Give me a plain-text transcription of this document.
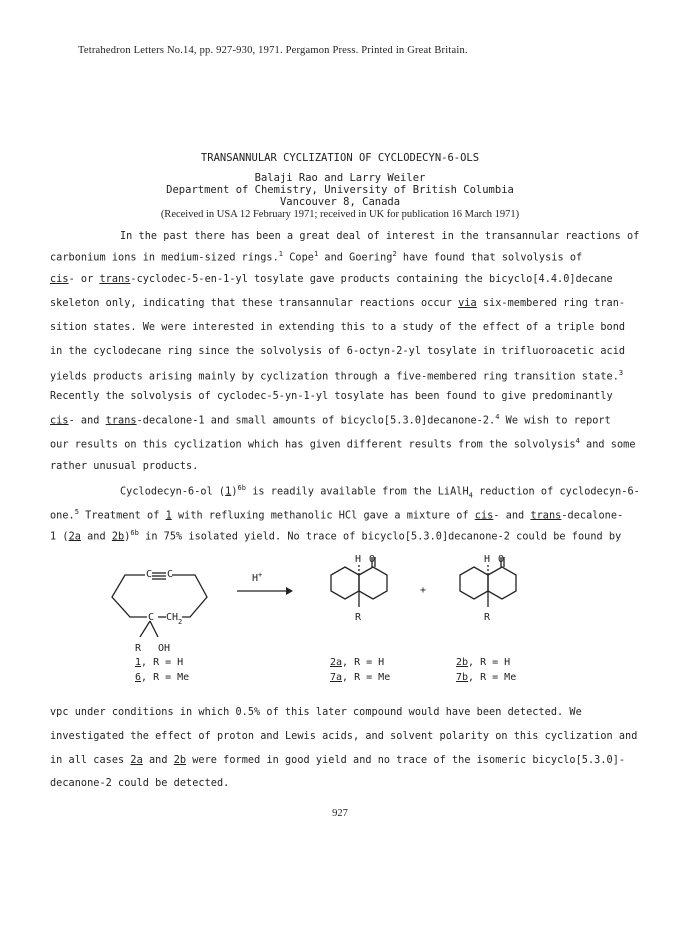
Tetrahedron Letters No.14, pp. 927-930, 1971. Pergamon Press. Printed in Great Britain.
TRANSANNULAR CYCLIZATION OF CYCLODECYN-6-OLS
Balaji Rao and Larry Weiler
Department of Chemistry, University of British Columbia
Vancouver 8, Canada
(Received in USA 12 February 1971; received in UK for publication 16 March 1971)
In the past there has been a great deal of interest in the transannular reactions of
carbonium ions in medium-sized rings.$^1$ Cope$^1$ and Goering$^2$ have found that solvolysis of
cis- or trans-cyclodec-5-en-1-yl tosylate gave products containing the bicyclo[4.4.0]decane
skeleton only, indicating that these transannular reactions occur via six-membered ring tran-
sition states. We were interested in extending this to a study of the effect of a triple bond
in the cyclodecane ring since the solvolysis of 6-octyn-2-yl tosylate in trifluoroacetic acid
yields products arising mainly by cyclization through a five-membered ring transition state.$^3$
Recently the solvolysis of cyclodec-5-yn-1-yl tosylate has been found to give predominantly
cis- and trans-decalone-1 and small amounts of bicyclo[5.3.0]decanone-2.$^4$ We wish to report
our results on this cyclization which has given different results from the solvolysis$^4$ and some
rather unusual products.
Cyclodecyn-6-ol $(1)^{6b}$ is readily available from the LiAlH$_4$ reduction of cyclodecyn-6-
one.$^5$ Treatment of 1 with refluxing methanolic HCl gave a mixture of cis- and trans-decalone-
1 (2a and 2b)$^{6b}$ in 75% isolated yield. No trace of bicyclo[5.3.0]decanone-2 could be found by
C C
C $CH_2$
R OH
H+
H O
R
+
H O
R
1, R = H
6, R = Me
2a, R = H
7a, R = Me
2b, R = H
7b, R = Me
vpc under conditions in which 0.5% of this later compound would have been detected. We
investigated the effect of proton and Lewis acids, and solvent polarity on this cyclization and
in all cases 2a and 2b were formed in good yield and no trace of the isomeric bicyclo[5.3.0]-
decanone-2 could be detected.
927
